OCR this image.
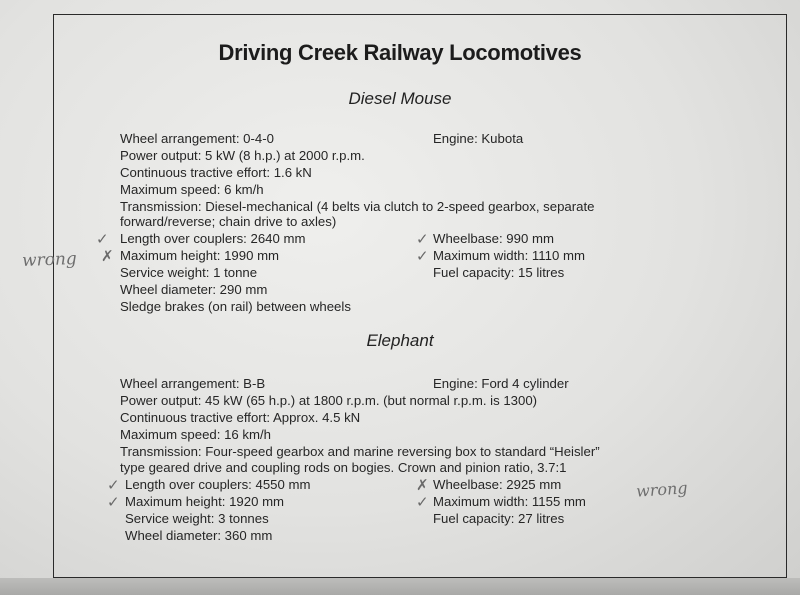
Driving Creek Railway Locomotives
Diesel Mouse
Wheel arrangement: 0-4-0	Engine: Kubota
Power output: 5 kW (8 h.p.) at 2000 r.p.m.
Continuous tractive effort: 1.6 kN
Maximum speed: 6 km/h
Transmission: Diesel-mechanical (4 belts via clutch to 2-speed gearbox, separate
forward/reverse; chain drive to axles)
Length over couplers: 2640 mm	Wheelbase: 990 mm
Maximum height: 1990 mm	Maximum width: 1110 mm
Service weight: 1 tonne	Fuel capacity: 15 litres
Wheel diameter: 290 mm
Sledge brakes (on rail) between wheels
Elephant
Wheel arrangement: B-B	Engine: Ford 4 cylinder
Power output: 45 kW (65 h.p.) at 1800 r.p.m. (but normal r.p.m. is 1300)
Continuous tractive effort: Approx. 4.5 kN
Maximum speed: 16 km/h
Transmission: Four-speed gearbox and marine reversing box to standard “Heisler”
type geared drive and coupling rods on bogies. Crown and pinion ratio, 3.7:1
Length over couplers: 4550 mm	Wheelbase: 2925 mm
Maximum height: 1920 mm	Maximum width: 1155 mm
Service weight: 3 tonnes	Fuel capacity: 27 litres
Wheel diameter: 360 mm
wrong
wrong
✓
✗
✓
✓
✓
✓
✗
✓
